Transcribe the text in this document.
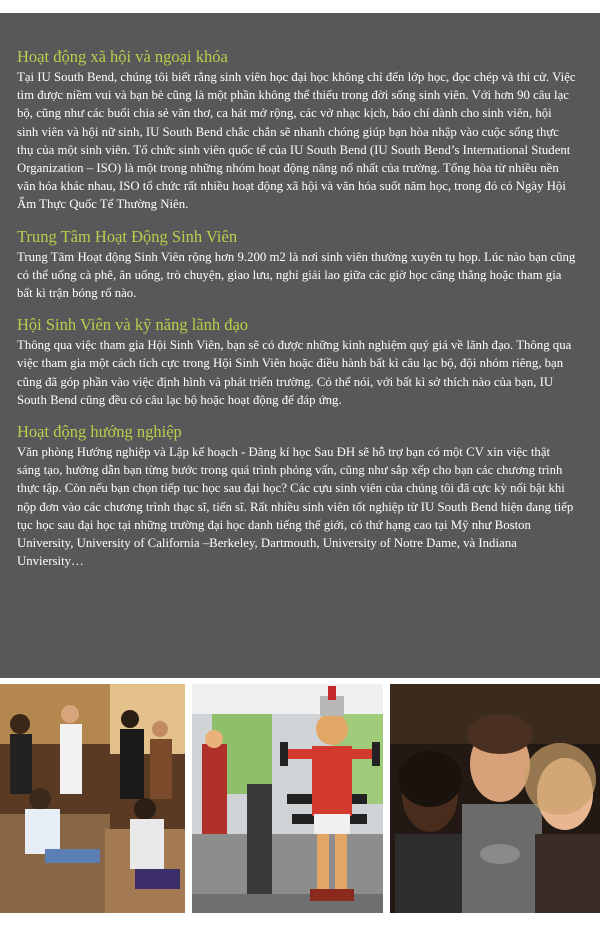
Hoạt động xã hội và ngoại khóa

Tại IU South Bend, chúng tôi biết rằng sinh viên học đại học không chỉ đến lớp học, đọc chép và thi cử. Việc tìm được niềm vui và bạn bè cũng là một phần không thể thiếu trong đời sống sinh viên. Với hơn 90 câu lạc bộ, cũng như các buổi chia sẻ văn thơ, ca hát mở rộng, các vở nhạc kịch, báo chí dành cho sinh viên, hội sinh viên và hội nữ sinh, IU South Bend chắc chắn sẽ nhanh chóng giúp bạn hòa nhập vào cuộc sống thực thụ của một sinh viên. Tổ chức sinh viên quốc tế của IU South Bend (IU South Bend’s International Student Organization – ISO) là một trong những nhóm hoạt động năng nổ nhất của trường. Tổng hòa từ nhiều nền văn hóa khác nhau, ISO tổ chức rất nhiều hoạt động xã hội và văn hóa suốt năm học, trong đó có Ngày Hội Ẩm Thực Quốc Tế Thường Niên.

Trung Tâm Hoạt Động Sinh Viên

Trung Tâm Hoạt động Sinh Viên rộng hơn 9.200 m2 là nơi sinh viên thường xuyên tụ họp. Lúc nào bạn cũng có thể uống cà phê, ăn uống, trò chuyện, giao lưu, nghỉ giải lao giữa các giờ học căng thẳng hoặc tham gia bất kì trận bóng rổ nào.

Hội Sinh Viên và kỹ năng lãnh đạo

Thông qua việc tham gia Hội Sinh Viên, bạn sẽ có được những kinh nghiệm quý giá về lãnh đạo. Thông qua việc tham gia một cách tích cực trong Hội Sinh Viên hoặc điều hành bất kì câu lạc bộ, đội nhóm riêng, bạn cũng đã góp phần vào việc định hình và phát triển trường. Có thể nói, với bất kì sở thích nào của bạn, IU South Bend cũng đều có câu lạc bộ hoặc hoạt động để đáp ứng.

Hoạt động hướng nghiệp

Văn phòng Hướng nghiệp và Lập kế hoạch - Đăng kí học Sau ĐH sẽ hỗ trợ bạn có một CV xin việc thật sáng tạo, hướng dẫn bạn từng bước trong quá trình phỏng vấn, cũng như sắp xếp cho bạn các chương trình thực tập. Còn nếu bạn chọn tiếp tục học sau đại học? Các cựu sinh viên của chúng tôi đã cực kỳ nổi bật khi nộp đơn vào các chương trình thạc sĩ, tiến sĩ. Rất nhiều sinh viên tốt nghiệp từ IU South Bend hiện đang tiếp tục học sau đại học tại những trường đại học danh tiếng thế giới, có thứ hạng cao tại Mỹ như Boston University, University of California –Berkeley, Dartmouth, University of Notre Dame, và Indiana Unviersity…
